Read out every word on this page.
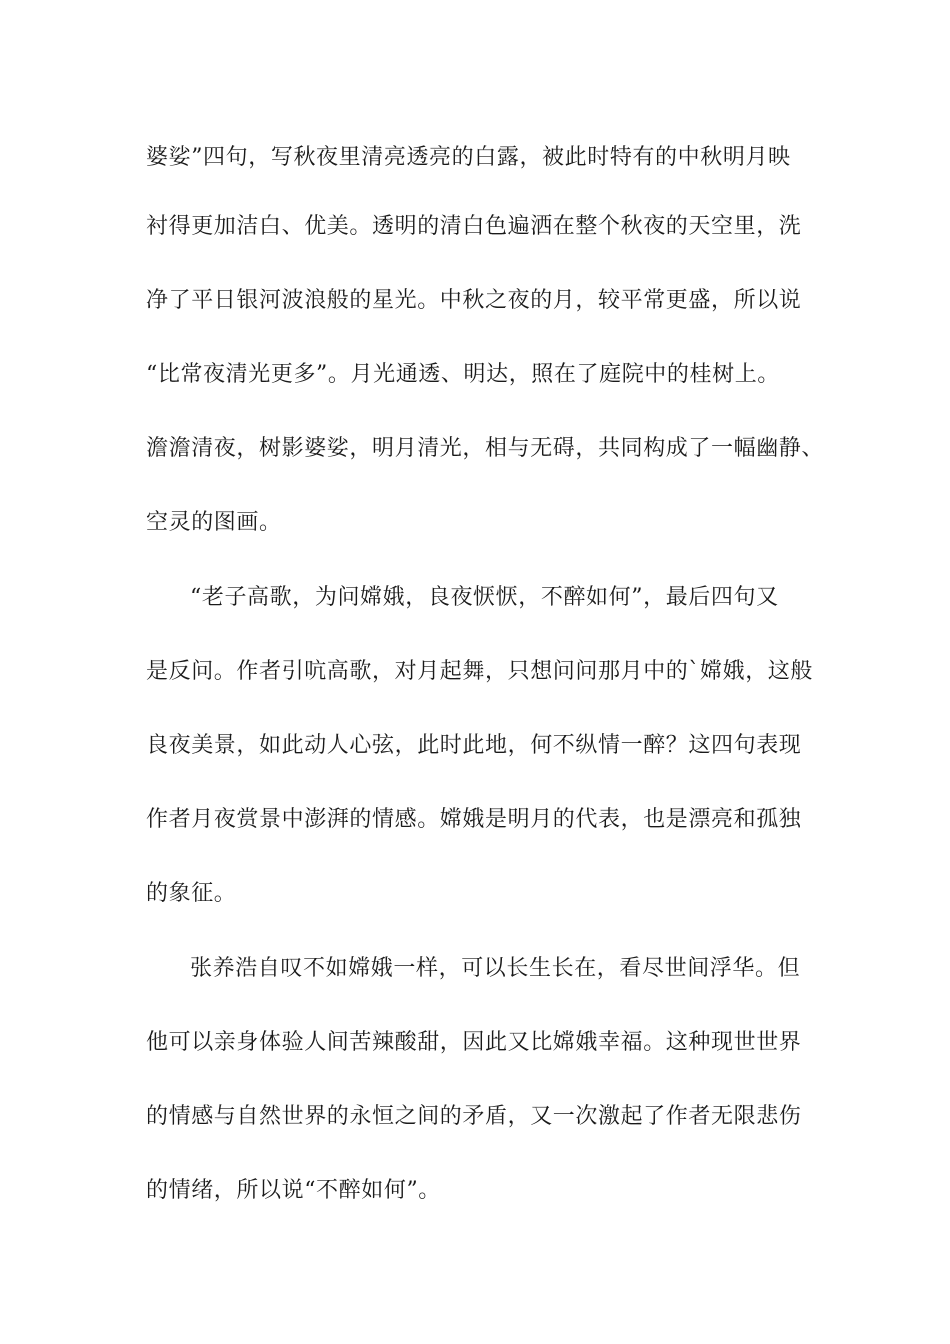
婆娑”四句，写秋夜里清亮透亮的白露，被此时特有的中秋明月映
衬得更加洁白、优美。透明的清白色遍洒在整个秋夜的天空里，洗
净了平日银河波浪般的星光。中秋之夜的月，较平常更盛，所以说
“比常夜清光更多”。月光通透、明达，照在了庭院中的桂树上。
澹澹清夜，树影婆娑，明月清光，相与无碍，共同构成了一幅幽静、
空灵的图画。
“老子高歌，为问嫦娥，良夜恹恹，不醉如何”，最后四句又
是反问。作者引吭高歌，对月起舞，只想问问那月中的`嫦娥，这般
良夜美景，如此动人心弦，此时此地，何不纵情一醉？这四句表现
作者月夜赏景中澎湃的情感。嫦娥是明月的代表，也是漂亮和孤独
的象征。
张养浩自叹不如嫦娥一样，可以长生长在，看尽世间浮华。但
他可以亲身体验人间苦辣酸甜，因此又比嫦娥幸福。这种现世世界
的情感与自然世界的永恒之间的矛盾，又一次激起了作者无限悲伤
的情绪，所以说“不醉如何”。
